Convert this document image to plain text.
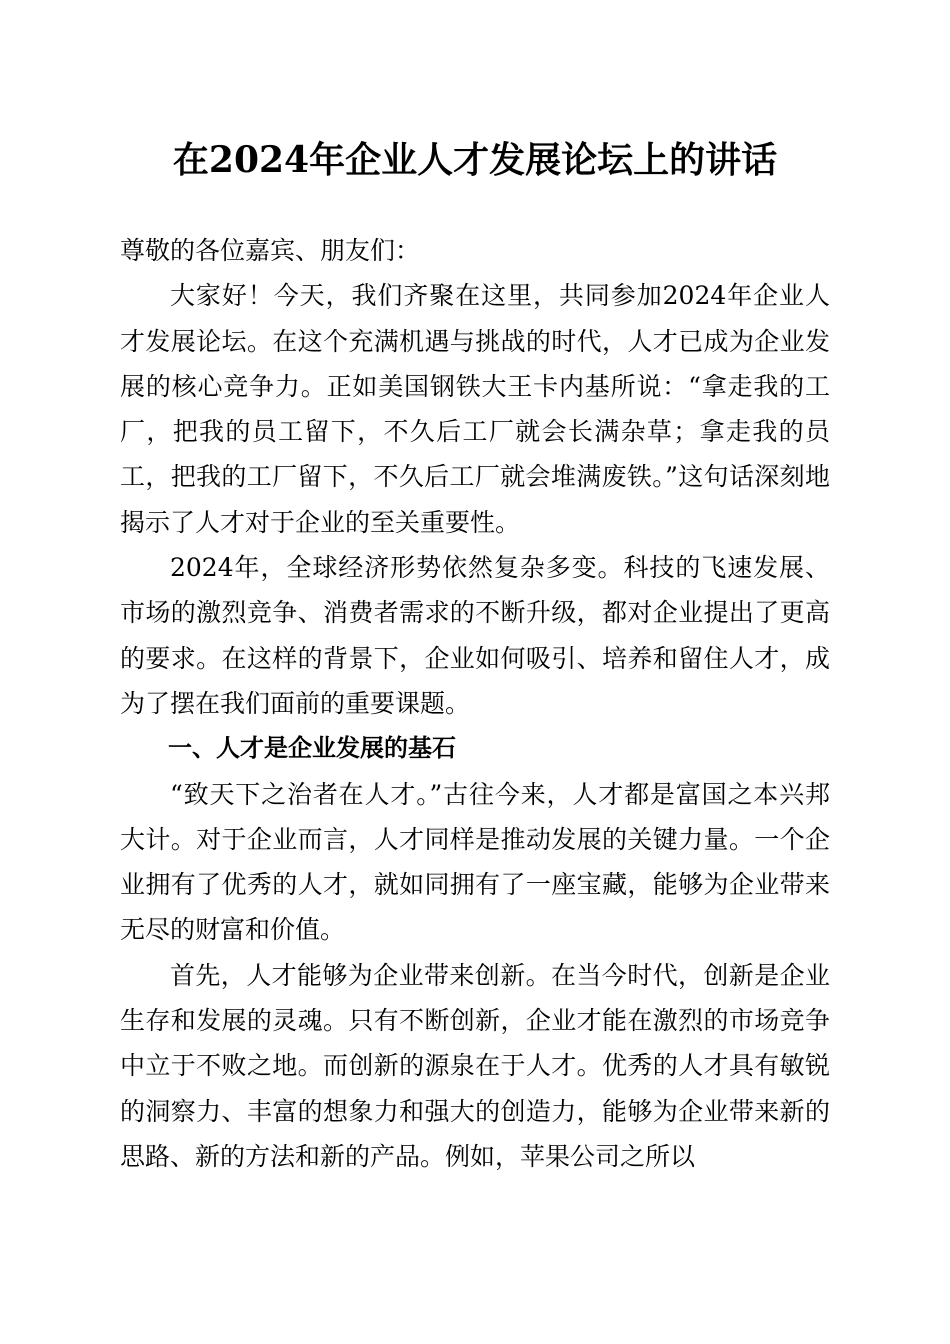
在2024年企业人才发展论坛上的讲话

尊敬的各位嘉宾、朋友们：

大家好！今天，我们齐聚在这里，共同参加2024年企业人才发展论坛。在这个充满机遇与挑战的时代，人才已成为企业发展的核心竞争力。正如美国钢铁大王卡内基所说：“拿走我的工厂，把我的员工留下，不久后工厂就会长满杂草；拿走我的员工，把我的工厂留下，不久后工厂就会堆满废铁。”这句话深刻地揭示了人才对于企业的至关重要性。

2024年，全球经济形势依然复杂多变。科技的飞速发展、市场的激烈竞争、消费者需求的不断升级，都对企业提出了更高的要求。在这样的背景下，企业如何吸引、培养和留住人才，成为了摆在我们面前的重要课题。

一、人才是企业发展的基石

“致天下之治者在人才。”古往今来，人才都是富国之本兴邦大计。对于企业而言，人才同样是推动发展的关键力量。一个企业拥有了优秀的人才，就如同拥有了一座宝藏，能够为企业带来无尽的财富和价值。

首先，人才能够为企业带来创新。在当今时代，创新是企业生存和发展的灵魂。只有不断创新，企业才能在激烈的市场竞争中立于不败之地。而创新的源泉在于人才。优秀的人才具有敏锐的洞察力、丰富的想象力和强大的创造力，能够为企业带来新的思路、新的方法和新的产品。例如，苹果公司之所以
